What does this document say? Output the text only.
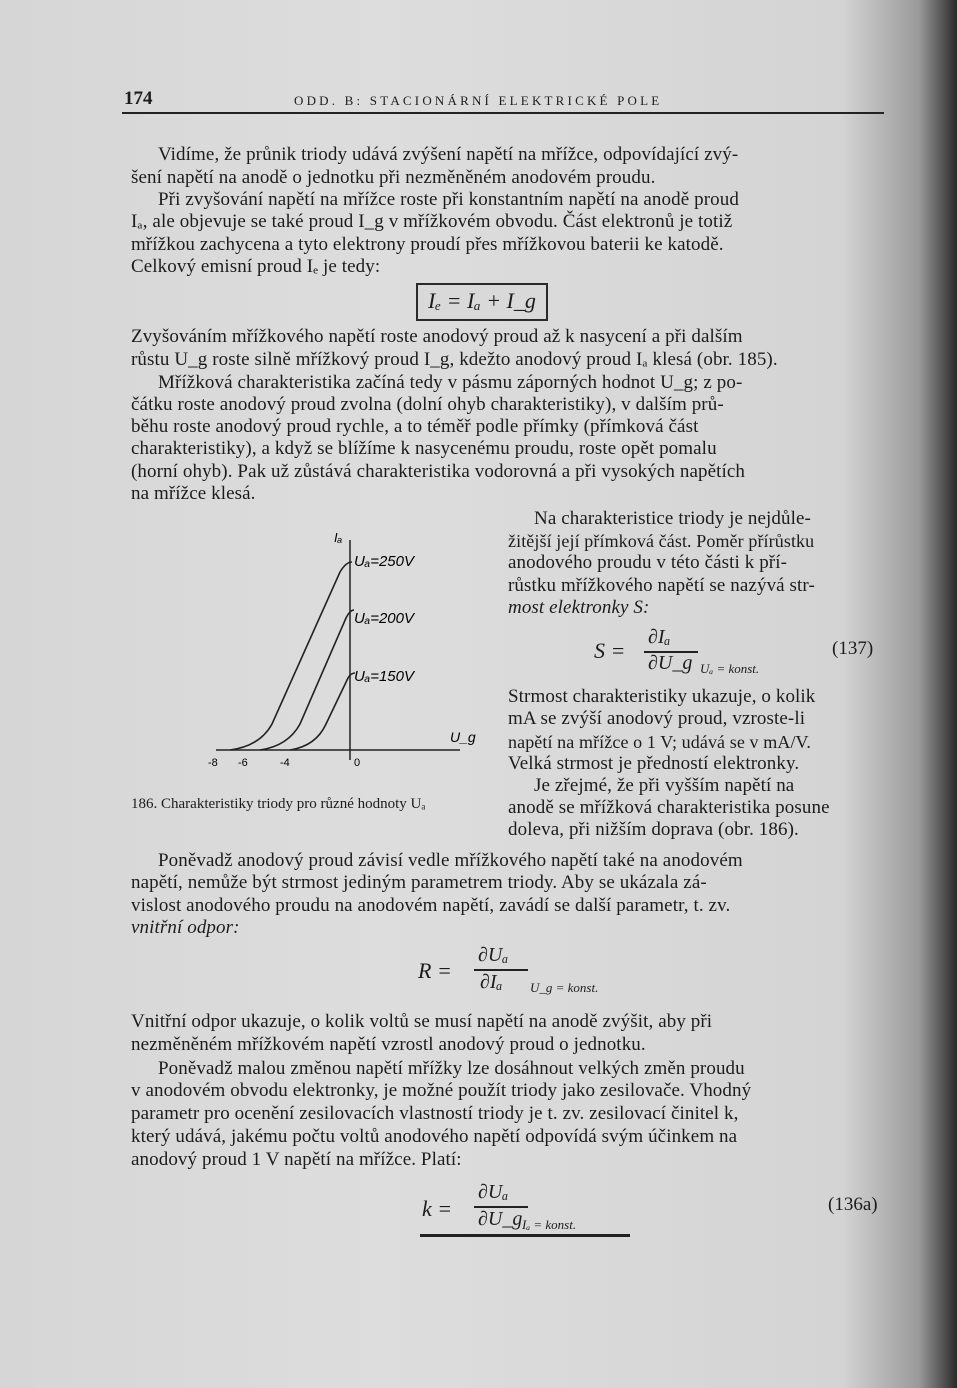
174	ODD. B: STACIONÁRNÍ ELEKTRICKÉ POLE
Vidíme, že průnik triody udává zvýšení napětí na mřížce, odpovídající zvý-
šení napětí na anodě o jednotku při nezměněném anodovém proudu.
Při zvyšování napětí na mřížce roste při konstantním napětí na anodě proud
Iₐ, ale objevuje se také proud I_g v mřížkovém obvodu. Část elektronů je totiž
mřížkou zachycena a tyto elektrony proudí přes mřížkovou baterii ke katodě.
Celkový emisní proud Iₑ je tedy:
Iₑ = Iₐ + I_g
Zvyšováním mřížkového napětí roste anodový proud až k nasycení a při dalším
růstu U_g roste silně mřížkový proud I_g, kdežto anodový proud Iₐ klesá (obr. 185).
Mřížková charakteristika začíná tedy v pásmu záporných hodnot U_g; z po-
čátku roste anodový proud zvolna (dolní ohyb charakteristiky), v dalším prů-
běhu roste anodový proud rychle, a to téměř podle přímky (přímková část
charakteristiky), a když se blížíme k nasycenému proudu, roste opět pomalu
(horní ohyb). Pak už zůstává charakteristika vodorovná a při vysokých napětích
na mřížce klesá.
Iₐ
U_g
Uₐ=250V
Uₐ=200V
Uₐ=150V
-8 -6	-4	0
186. Charakteristiky triody pro různé hodnoty Uₐ
Na charakteristice triody je nejdůle-
žitější její přímková část. Poměr přírůstku
anodového proudu v této části k pří-
růstku mřížkového napětí se nazývá str-
most elektronky S:
S =
∂Iₐ
∂U_g Uₐ = konst.
(137)
Strmost charakteristiky ukazuje, o kolik
mA se zvýší anodový proud, vzroste-li
napětí na mřížce o 1 V; udává se v mA/V.
Velká strmost je předností elektronky.
Je zřejmé, že při vyšším napětí na
anodě se mřížková charakteristika posune
doleva, při nižším doprava (obr. 186).
Poněvadž anodový proud závisí vedle mřížkového napětí také na anodovém
napětí, nemůže být strmost jediným parametrem triody. Aby se ukázala zá-
vislost anodového proudu na anodovém napětí, zavádí se další parametr, t. zv.
vnitřní odpor:
R =
∂Uₐ
∂Iₐ U_g = konst.
Vnitřní odpor ukazuje, o kolik voltů se musí napětí na anodě zvýšit, aby při
nezměněném mřížkovém napětí vzrostl anodový proud o jednotku.
Poněvadž malou změnou napětí mřížky lze dosáhnout velkých změn proudu
v anodovém obvodu elektronky, je možné použít triody jako zesilovače. Vhodný
parametr pro ocenění zesilovacích vlastností triody je t. zv. zesilovací činitel k,
který udává, jakému počtu voltů anodového napětí odpovídá svým účinkem na
anodový proud 1 V napětí na mřížce. Platí:
k =
∂Uₐ
∂U_g Iₐ = konst.
(136a)
